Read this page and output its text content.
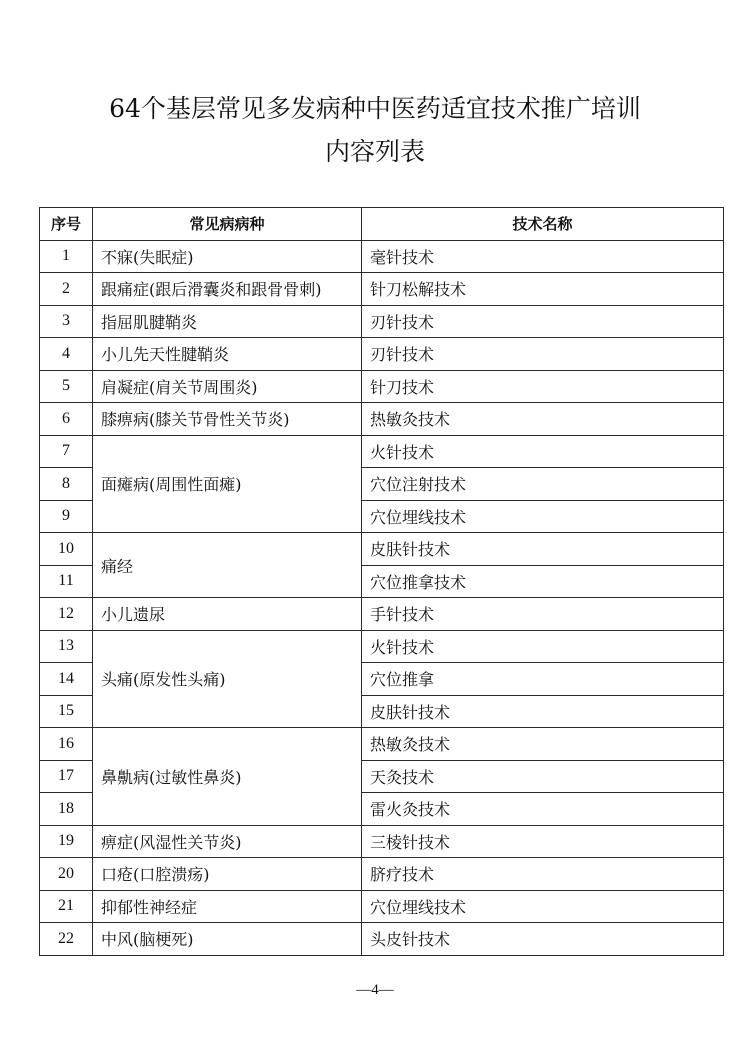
64个基层常见多发病种中医药适宜技术推广培训
内容列表
序号	常见病病种	技术名称
1	不寐(失眠症)	毫针技术
2	跟痛症(跟后滑囊炎和跟骨骨刺)	针刀松解技术
3	指屈肌腱鞘炎	刃针技术
4	小儿先天性腱鞘炎	刃针技术
5	肩凝症(肩关节周围炎)	针刀技术
6	膝痹病(膝关节骨性关节炎)	热敏灸技术
7	面瘫病(周围性面瘫)	火针技术
8		穴位注射技术
9		穴位埋线技术
10	痛经	皮肤针技术
11		穴位推拿技术
12	小儿遗尿	手针技术
13	头痛(原发性头痛)	火针技术
14		穴位推拿
15		皮肤针技术
16	鼻鼽病(过敏性鼻炎)	热敏灸技术
17		天灸技术
18		雷火灸技术
19	痹症(风湿性关节炎)	三棱针技术
20	口疮(口腔溃疡)	脐疗技术
21	抑郁性神经症	穴位埋线技术
22	中风(脑梗死)	头皮针技术
—4—
